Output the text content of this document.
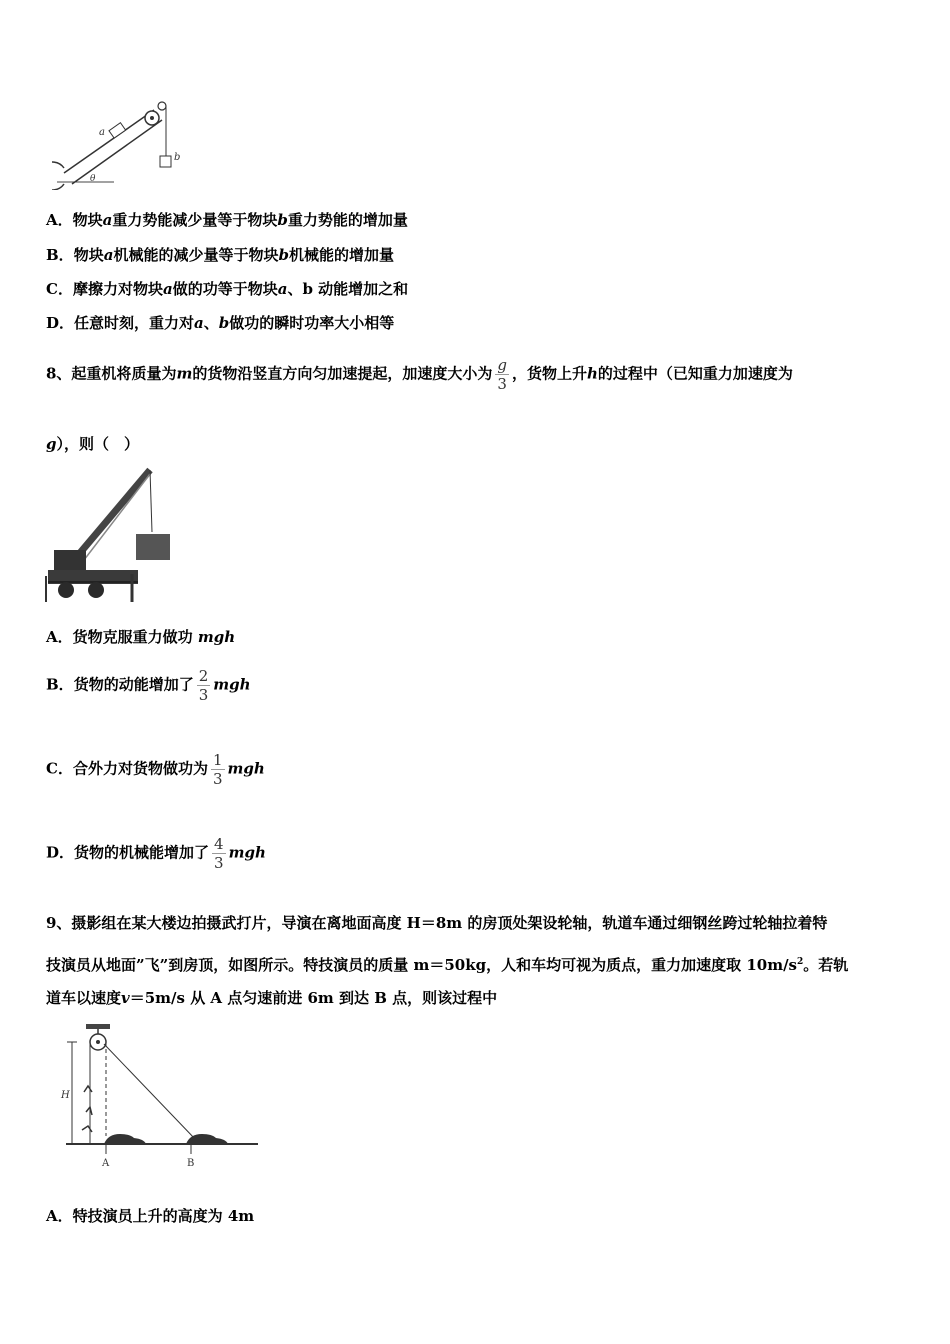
a
b
θ
A．物块a重力势能减少量等于物块b重力势能的增加量
B．物块a机械能的减少量等于物块b机械能的增加量
C．摩擦力对物块a做的功等于物块a、b 动能增加之和
D．任意时刻，重力对a、b做功的瞬时功率大小相等
8、起重机将质量为m的货物沿竖直方向匀加速提起，加速度大小为 $\frac{g}{3}$ ，货物上升h的过程中（已知重力加速度为
g），则（　）
A．货物克服重力做功 mgh
B．货物的动能增加了 $\frac{2}{3}$ mgh
C．合外力对货物做功为 $\frac{1}{3}$ mgh
D．货物的机械能增加了 $\frac{4}{3}$ mgh
9、摄影组在某大楼边拍摄武打片，导演在离地面高度 H＝8m 的房顶处架设轮轴，轨道车通过细钢丝跨过轮轴拉着特
技演员从地面”飞”到房顶，如图所示。特技演员的质量 m＝50kg，人和车均可视为质点，重力加速度取 $10m/s^2$。若轨
道车以速度v＝5m/s 从 A 点匀速前进 6m 到达 B 点，则该过程中
H
A	B
A．特技演员上升的高度为 4m
